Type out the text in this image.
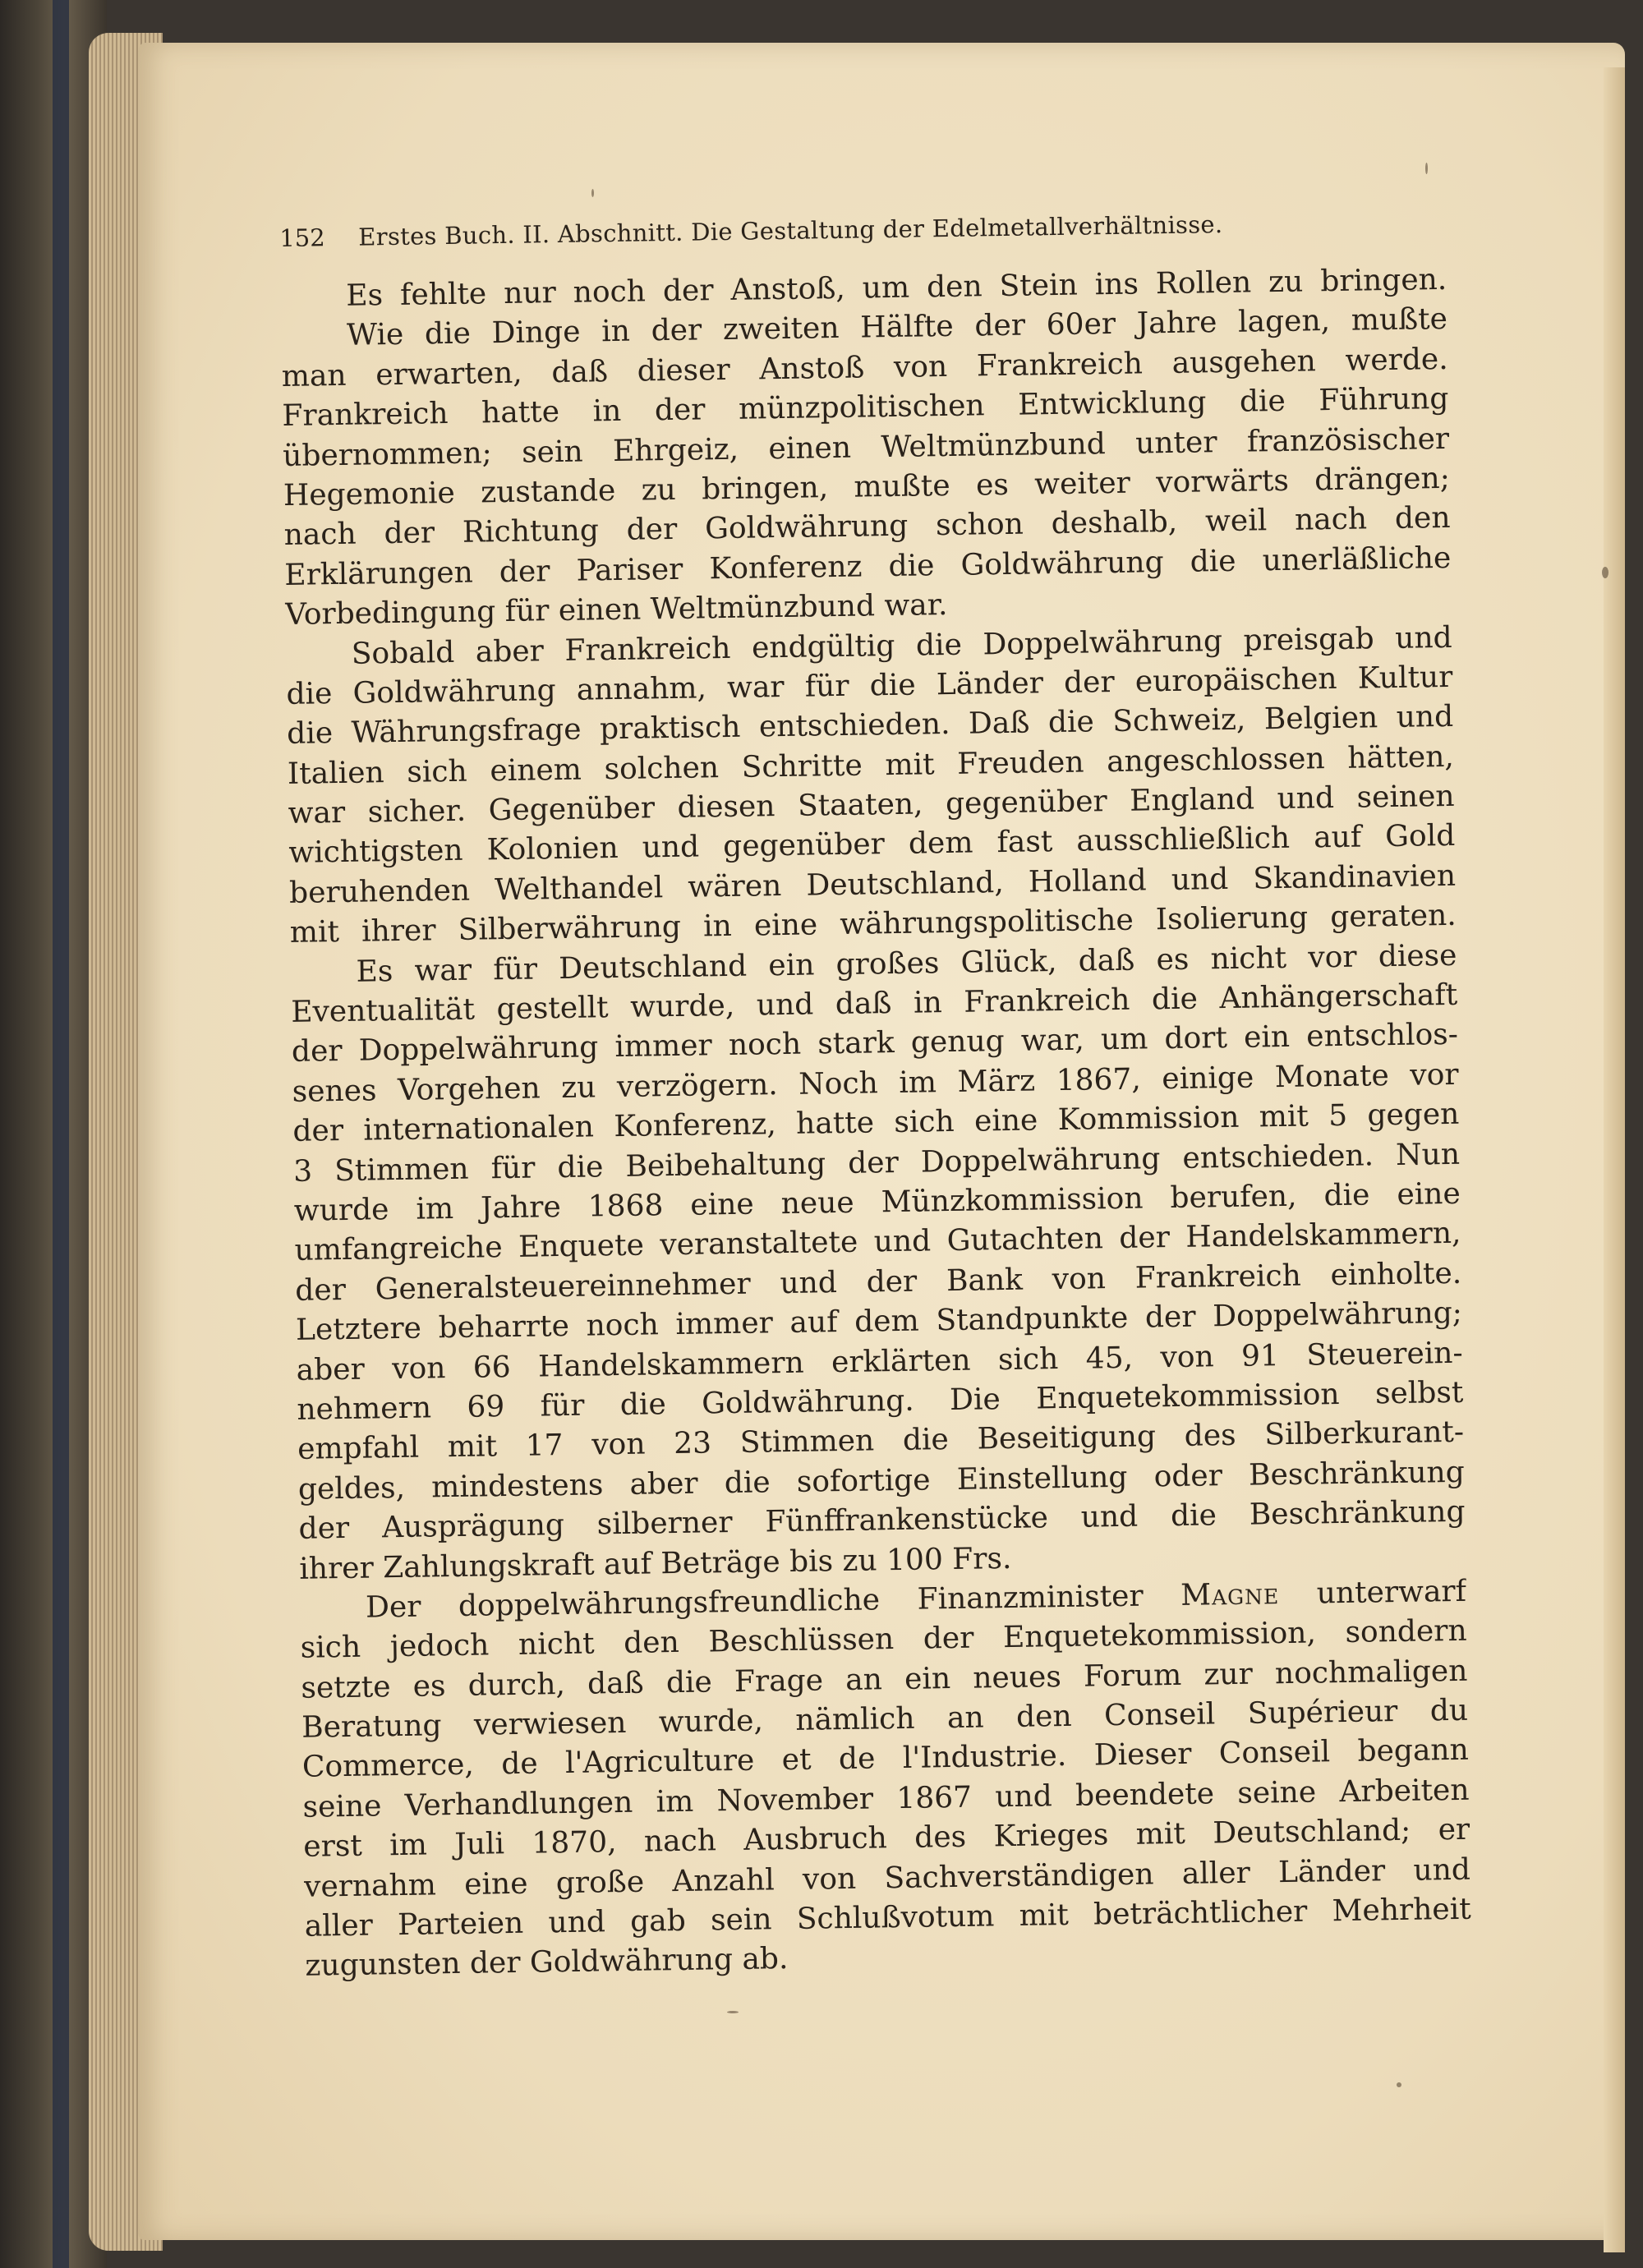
152 Erstes Buch. II. Abschnitt. Die Gestaltung der Edelmetallverhältnisse.
Es fehlte nur noch der Anstoß, um den Stein ins Rollen zu bringen.
Wie die Dinge in der zweiten Hälfte der 60er Jahre lagen, mußte
man erwarten, daß dieser Anstoß von Frankreich ausgehen werde.
Frankreich hatte in der münzpolitischen Entwicklung die Führung
übernommen; sein Ehrgeiz, einen Weltmünzbund unter französischer
Hegemonie zustande zu bringen, mußte es weiter vorwärts drängen;
nach der Richtung der Goldwährung schon deshalb, weil nach den
Erklärungen der Pariser Konferenz die Goldwährung die unerläßliche
Vorbedingung für einen Weltmünzbund war.
Sobald aber Frankreich endgültig die Doppelwährung preisgab und
die Goldwährung annahm, war für die Länder der europäischen Kultur
die Währungsfrage praktisch entschieden. Daß die Schweiz, Belgien und
Italien sich einem solchen Schritte mit Freuden angeschlossen hätten,
war sicher. Gegenüber diesen Staaten, gegenüber England und seinen
wichtigsten Kolonien und gegenüber dem fast ausschließlich auf Gold
beruhenden Welthandel wären Deutschland, Holland und Skandinavien
mit ihrer Silberwährung in eine währungspolitische Isolierung geraten.
Es war für Deutschland ein großes Glück, daß es nicht vor diese
Eventualität gestellt wurde, und daß in Frankreich die Anhängerschaft
der Doppelwährung immer noch stark genug war, um dort ein entschlos-
senes Vorgehen zu verzögern. Noch im März 1867, einige Monate vor
der internationalen Konferenz, hatte sich eine Kommission mit 5 gegen
3 Stimmen für die Beibehaltung der Doppelwährung entschieden. Nun
wurde im Jahre 1868 eine neue Münzkommission berufen, die eine
umfangreiche Enquete veranstaltete und Gutachten der Handelskammern,
der Generalsteuereinnehmer und der Bank von Frankreich einholte.
Letztere beharrte noch immer auf dem Standpunkte der Doppelwährung;
aber von 66 Handelskammern erklärten sich 45, von 91 Steuerein-
nehmern 69 für die Goldwährung. Die Enquetekommission selbst
empfahl mit 17 von 23 Stimmen die Beseitigung des Silberkurant-
geldes, mindestens aber die sofortige Einstellung oder Beschränkung
der Ausprägung silberner Fünffrankenstücke und die Beschränkung
ihrer Zahlungskraft auf Beträge bis zu 100 Frs.
Der doppelwährungsfreundliche Finanzminister Magne unterwarf
sich jedoch nicht den Beschlüssen der Enquetekommission, sondern
setzte es durch, daß die Frage an ein neues Forum zur nochmaligen
Beratung verwiesen wurde, nämlich an den Conseil Supérieur du
Commerce, de l'Agriculture et de l'Industrie. Dieser Conseil begann
seine Verhandlungen im November 1867 und beendete seine Arbeiten
erst im Juli 1870, nach Ausbruch des Krieges mit Deutschland; er
vernahm eine große Anzahl von Sachverständigen aller Länder und
aller Parteien und gab sein Schlußvotum mit beträchtlicher Mehrheit
zugunsten der Goldwährung ab.
